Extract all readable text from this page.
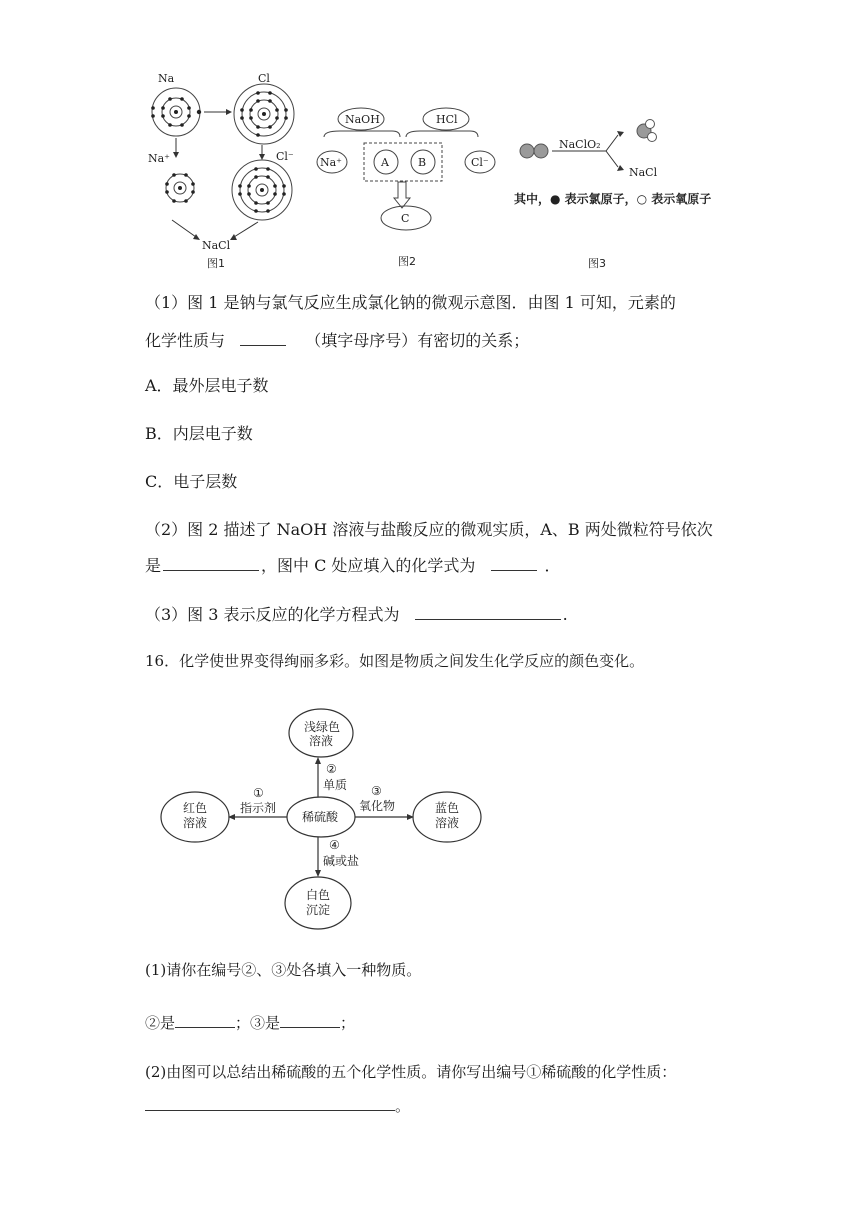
Na	Cl
Na⁺	Cl⁻
NaCl
图1
NaOH	HCl
Na⁺	A	B	Cl⁻
C
图2
NaClO₂
NaCl
其中，● 表示氯原子，○ 表示氧原子
图3
（1）图 1 是钠与氯气反应生成氯化钠的微观示意图．由图 1 可知，元素的
化学性质与	（填字母序号）有密切的关系；
A．最外层电子数
B．内层电子数
C．电子层数
（2）图 2 描述了 NaOH 溶液与盐酸反应的微观实质，A、B 两处微粒符号依次
是	，图中 C 处应填入的化学式为	．
（3）图 3 表示反应的化学方程式为	.
16．化学使世界变得绚丽多彩。如图是物质之间发生化学反应的颜色变化。
浅绿色
溶液
稀硫酸
红色
溶液
蓝色
溶液
白色
沉淀
①
指示剂
②
单质 ③
氧化物
④
碱或盐
(1)请你在编号②、③处各填入一种物质。
②是	；③是	；
(2)由图可以总结出稀硫酸的五个化学性质。请你写出编号①稀硫酸的化学性质：
。
